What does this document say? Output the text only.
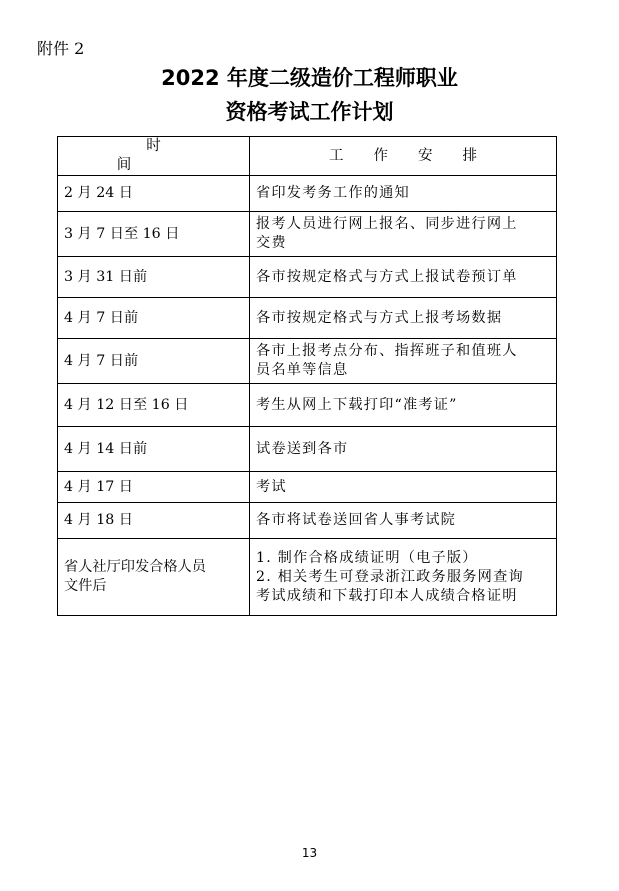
附件 2
2022 年度二级造价工程师职业
资格考试工作计划
时间	工作安排

2 月 24 日	省印发考务工作的通知

3 月 7 日至 16 日	报考人员进行网上报名、同步进行网上
交费

3 月 31 日前	各市按规定格式与方式上报试卷预订单

4 月 7 日前	各市按规定格式与方式上报考场数据

4 月 7 日前	各市上报考点分布、指挥班子和值班人
员名单等信息

4 月 12 日至 16 日	考生从网上下载打印“准考证”

4 月 14 日前	试卷送到各市

4 月 17 日	考试

4 月 18 日	各市将试卷送回省人事考试院

省人社厅印发合格人员
文件后	1. 制作合格成绩证明（电子版）
2. 相关考生可登录浙江政务服务网查询
考试成绩和下载打印本人成绩合格证明
13
